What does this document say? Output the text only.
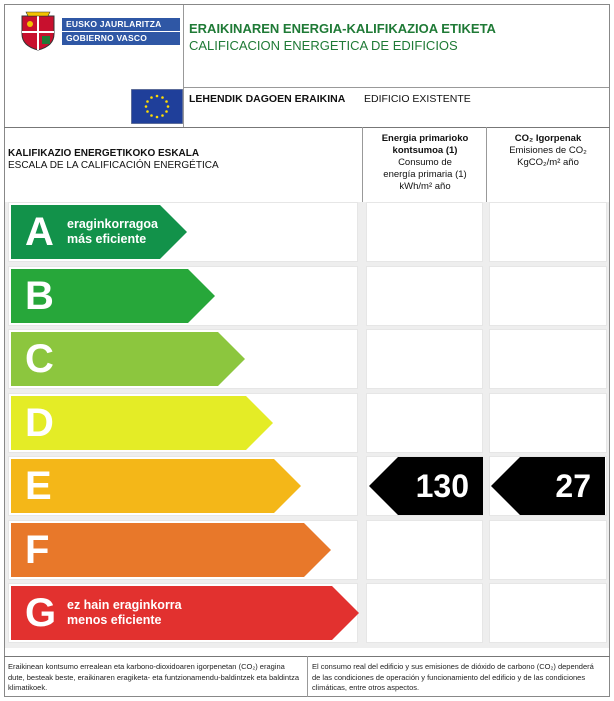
EUSKO JAURLARITZA
GOBIERNO VASCO
ERAIKINAREN ENERGIA-KALIFIKAZIOA ETIKETA
CALIFICACION ENERGETICA DE EDIFICIOS
LEHENDIK DAGOEN ERAIKINA EDIFICIO EXISTENTE
KALIFIKAZIO ENERGETIKOKO ESKALA
ESCALA DE LA CALIFICACIÓN ENERGÉTICA
Energia primarioko
kontsumoa (1)
Consumo de
energía primaria (1)
kWh/m² año
CO₂ Igorpenak
Emisiones de CO₂
KgCO₂/m² año
A eraginkorragoa
más eficiente
B
C
D
E	130	27
F
G ez hain eraginkorra
menos eficiente
Eraikinean kontsumo errealean eta karbono-dioxidoaren igorpenetan (CO₂) eragina dute, besteak beste, eraikinaren eragiketa- eta funtzionamendu-baldintzek eta baldintza klimatikoek.
El consumo real del edificio y sus emisiones de dióxido de carbono (CO₂) dependerá de las condiciones de operación y funcionamiento del edificio y de las condiciones climáticas, entre otros aspectos.
